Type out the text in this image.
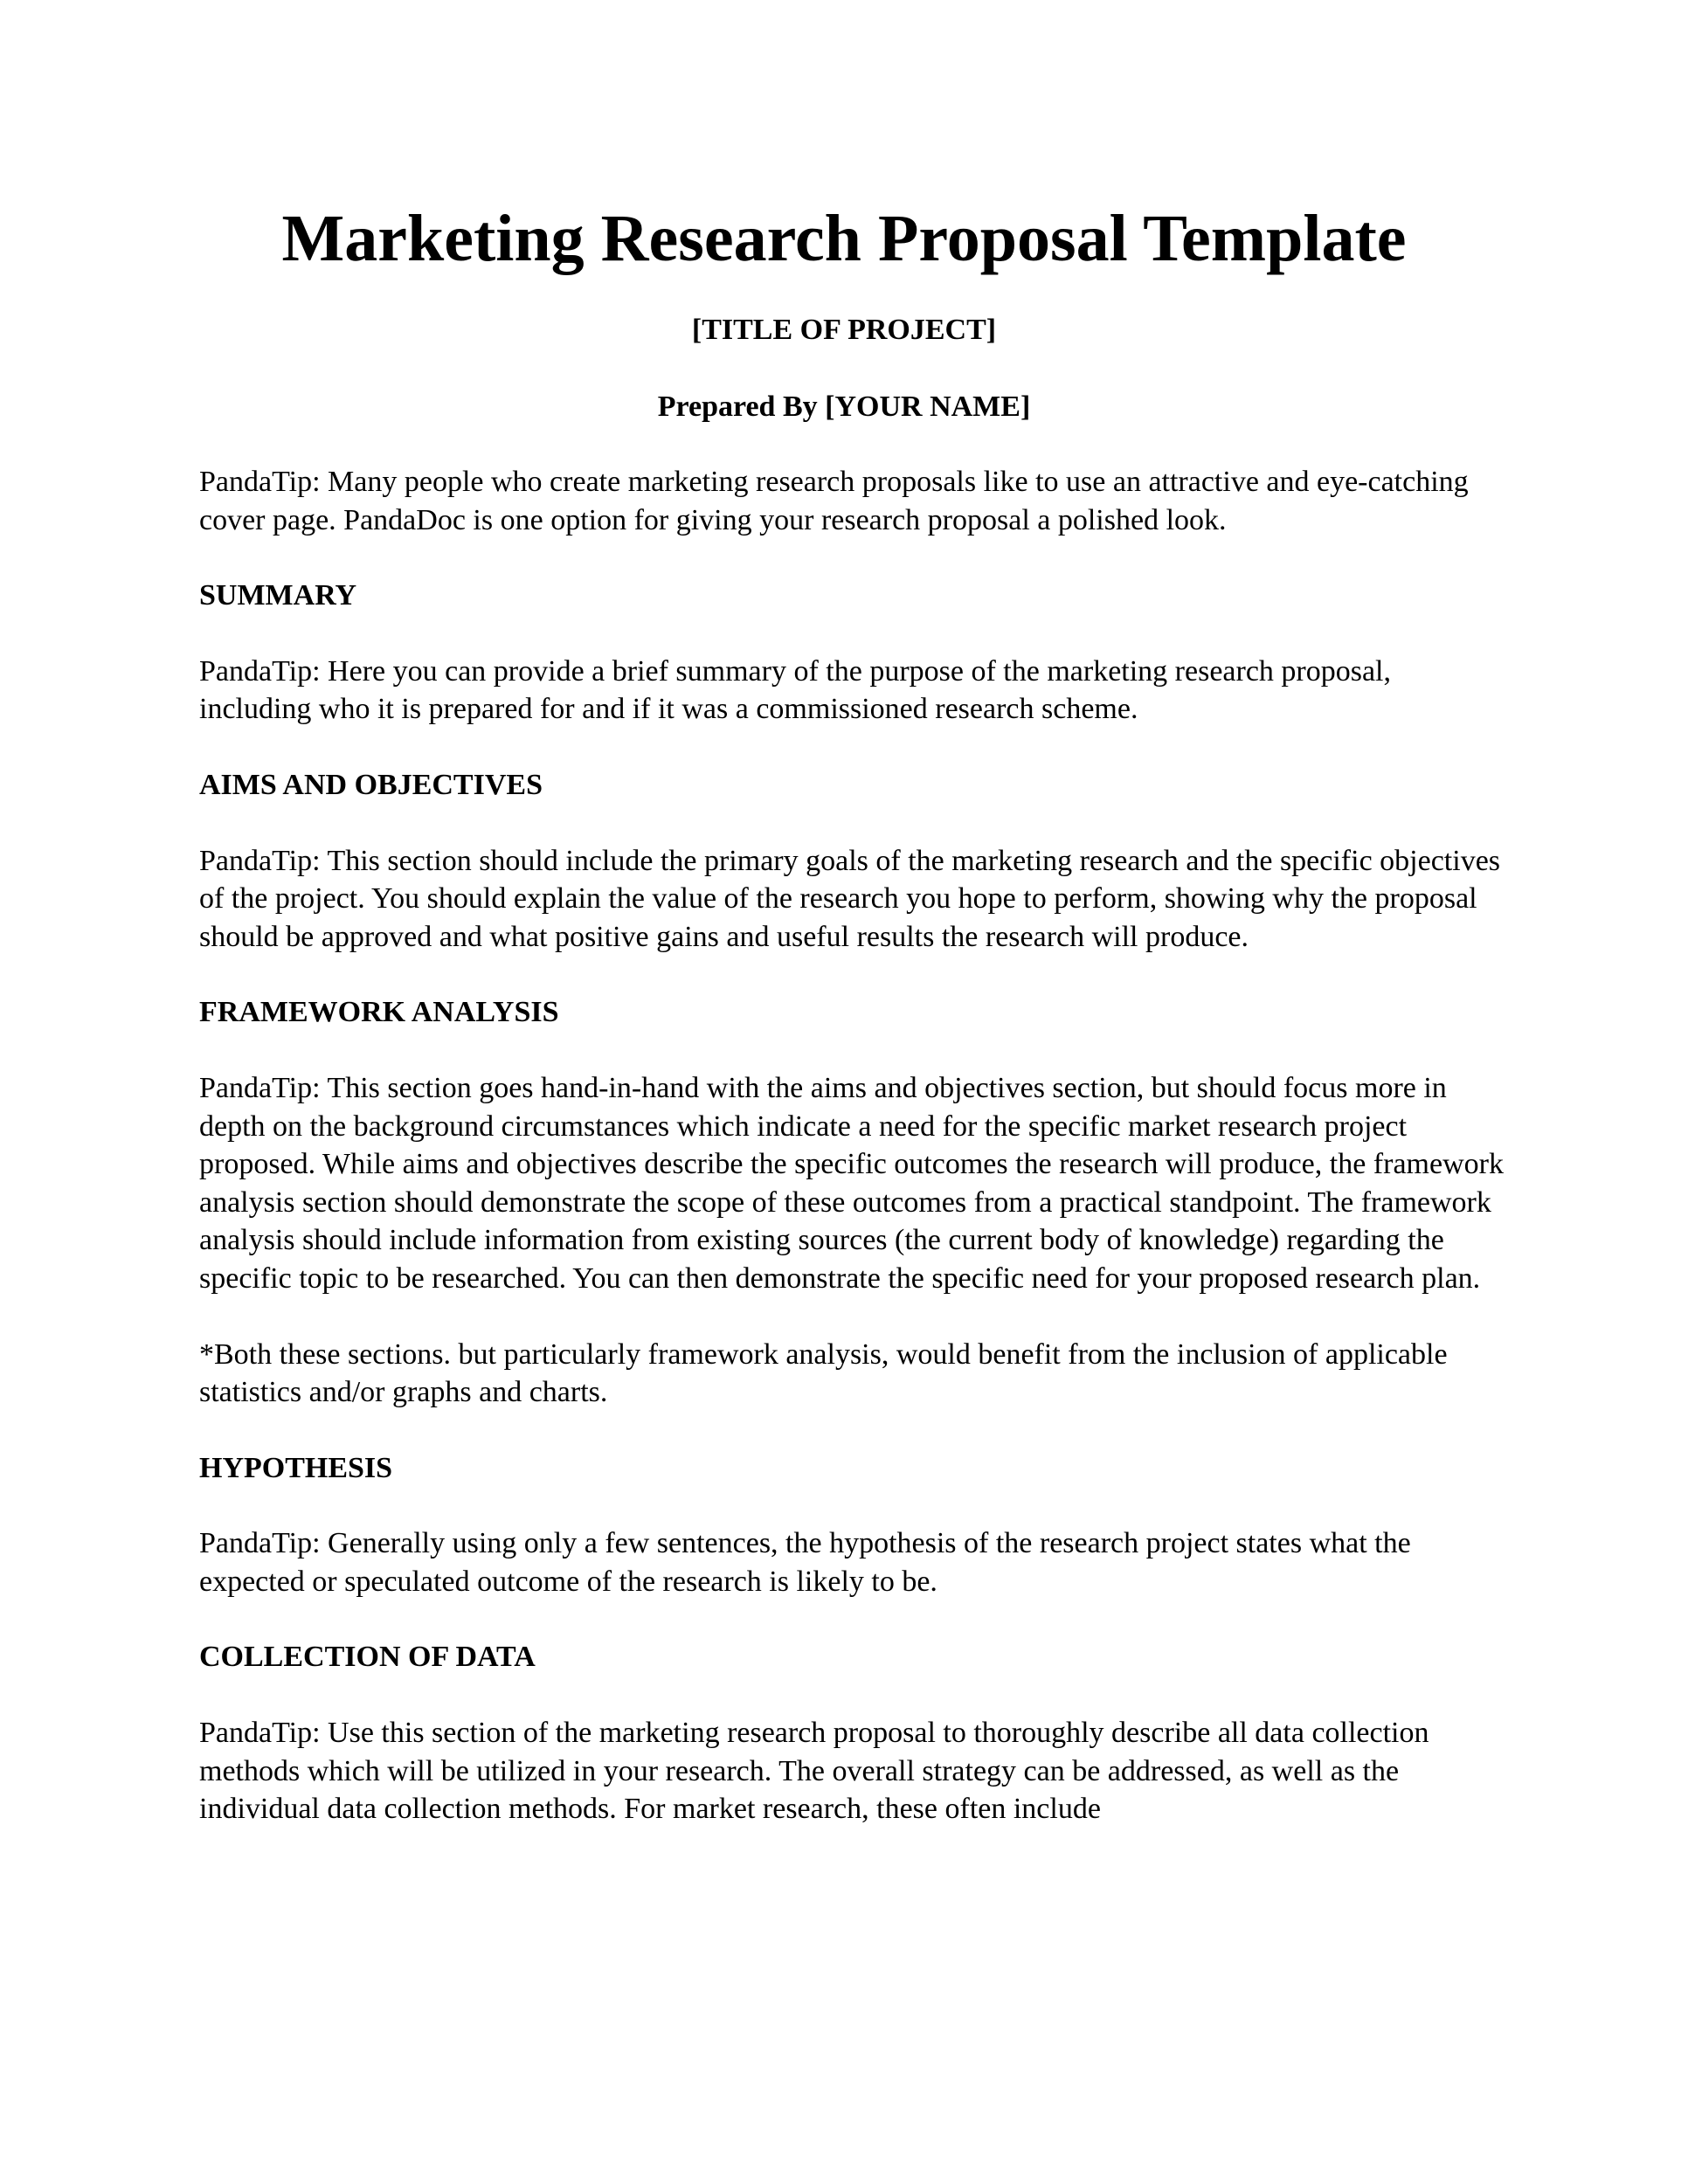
Marketing Research Proposal Template
[TITLE OF PROJECT]
Prepared By [YOUR NAME]

PandaTip: Many people who create marketing research proposals like to use an attractive and eye-catching cover page. PandaDoc is one option for giving your research proposal a polished look.

SUMMARY

PandaTip: Here you can provide a brief summary of the purpose of the marketing research proposal, including who it is prepared for and if it was a commissioned research scheme.

AIMS AND OBJECTIVES

PandaTip: This section should include the primary goals of the marketing research and the specific objectives of the project. You should explain the value of the research you hope to perform, showing why the proposal should be approved and what positive gains and useful results the research will produce.

FRAMEWORK ANALYSIS

PandaTip: This section goes hand-in-hand with the aims and objectives section, but should focus more in depth on the background circumstances which indicate a need for the specific market research project proposed. While aims and objectives describe the specific outcomes the research will produce, the framework analysis section should demonstrate the scope of these outcomes from a practical standpoint. The framework analysis should include information from existing sources (the current body of knowledge) regarding the specific topic to be researched. You can then demonstrate the specific need for your proposed research plan.

*Both these sections. but particularly framework analysis, would benefit from the inclusion of applicable statistics and/or graphs and charts.

HYPOTHESIS

PandaTip: Generally using only a few sentences, the hypothesis of the research project states what the expected or speculated outcome of the research is likely to be.

COLLECTION OF DATA

PandaTip: Use this section of the marketing research proposal to thoroughly describe all data collection methods which will be utilized in your research. The overall strategy can be addressed, as well as the individual data collection methods. For market research, these often include
